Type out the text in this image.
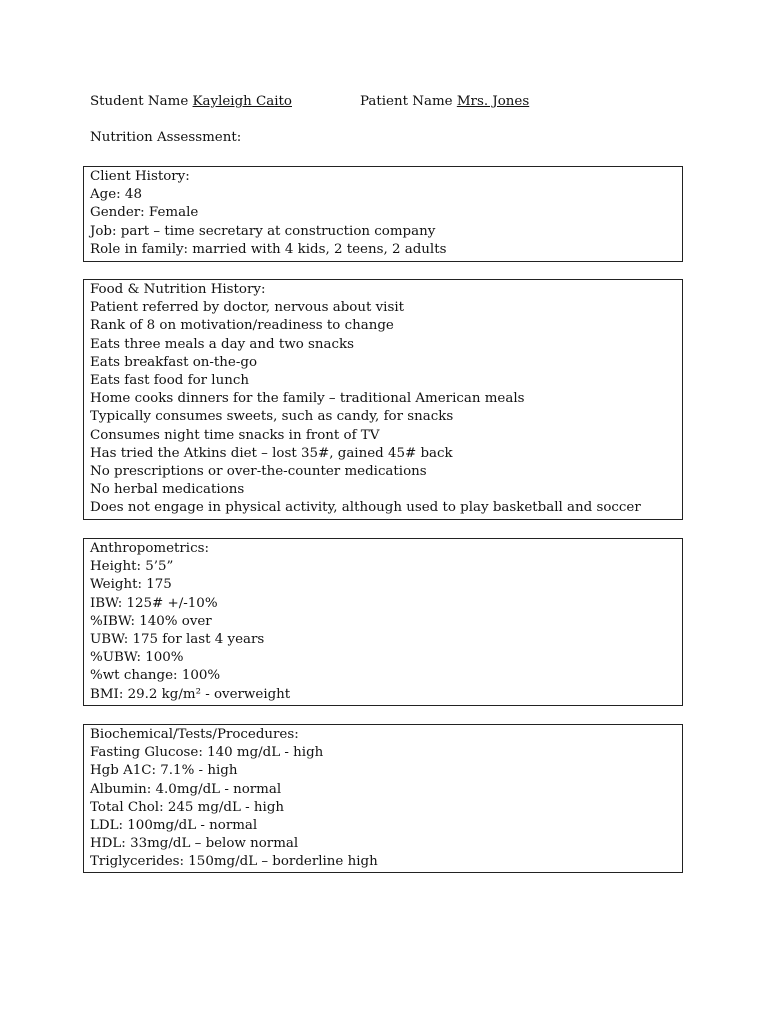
Student Name Kayleigh Caito	Patient Name Mrs. Jones
Nutrition Assessment:
Client History:
Age: 48
Gender: Female
Job: part – time secretary at construction company
Role in family: married with 4 kids, 2 teens, 2 adults
Food & Nutrition History:
Patient referred by doctor, nervous about visit
Rank of 8 on motivation/readiness to change
Eats three meals a day and two snacks
Eats breakfast on-the-go
Eats fast food for lunch
Home cooks dinners for the family – traditional American meals
Typically consumes sweets, such as candy, for snacks
Consumes night time snacks in front of TV
Has tried the Atkins diet – lost 35#, gained 45# back
No prescriptions or over-the-counter medications
No herbal medications
Does not engage in physical activity, although used to play basketball and soccer
Anthropometrics:
Height: 5’5”
Weight: 175
IBW: 125# +/-10%
%IBW: 140% over
UBW: 175 for last 4 years
%UBW: 100%
%wt change: 100%
BMI: 29.2 kg/m² - overweight
Biochemical/Tests/Procedures:
Fasting Glucose: 140 mg/dL - high
Hgb A1C: 7.1% - high
Albumin: 4.0mg/dL - normal
Total Chol: 245 mg/dL - high
LDL: 100mg/dL - normal
HDL: 33mg/dL – below normal
Triglycerides: 150mg/dL – borderline high
